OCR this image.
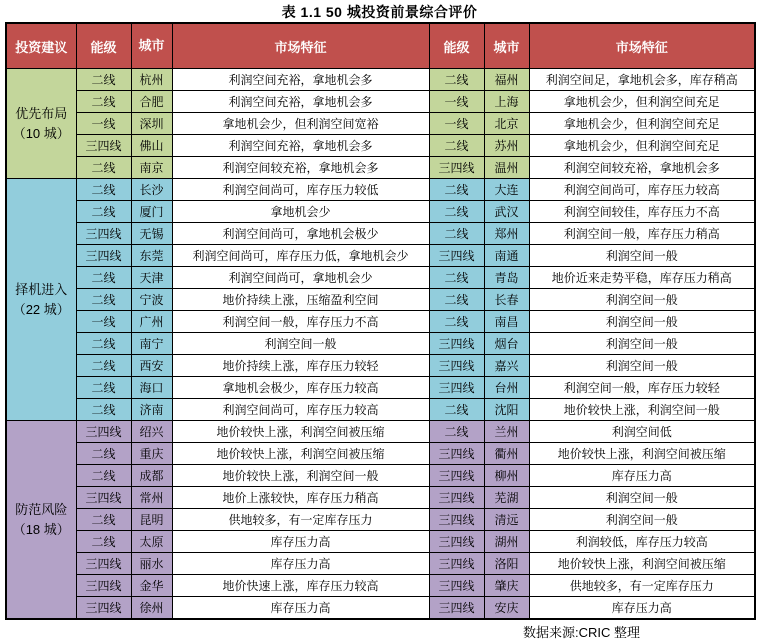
表 1.1 50 城投资前景综合评价
投资建议	能级	城市	市场特征	能级	城市	市场特征

优先布局
（10 城）	二线	杭州	利润空间充裕，拿地机会多	二线	福州	利润空间足，拿地机会多，库存稍高
	二线	合肥	利润空间充裕，拿地机会多	一线	上海	拿地机会少，但利润空间充足
	一线	深圳	拿地机会少，但利润空间宽裕	一线	北京	拿地机会少，但利润空间充足
	三四线	佛山	利润空间充裕，拿地机会多	二线	苏州	拿地机会少，但利润空间充足
	二线	南京	利润空间较充裕，拿地机会多	三四线	温州	利润空间较充裕，拿地机会多

择机进入
（22 城）	二线	长沙	利润空间尚可，库存压力较低	二线	大连	利润空间尚可，库存压力较高
	二线	厦门	拿地机会少	二线	武汉	利润空间较佳，库存压力不高
	三四线	无锡	利润空间尚可，拿地机会极少	二线	郑州	利润空间一般，库存压力稍高
	三四线	东莞	利润空间尚可，库存压力低，拿地机会少	三四线	南通	利润空间一般
	二线	天津	利润空间尚可，拿地机会少	二线	青岛	地价近来走势平稳，库存压力稍高
	二线	宁波	地价持续上涨，压缩盈利空间	二线	长春	利润空间一般
	一线	广州	利润空间一般，库存压力不高	二线	南昌	利润空间一般
	二线	南宁	利润空间一般	三四线	烟台	利润空间一般
	二线	西安	地价持续上涨，库存压力较轻	三四线	嘉兴	利润空间一般
	二线	海口	拿地机会极少，库存压力较高	三四线	台州	利润空间一般，库存压力较轻
	二线	济南	利润空间尚可，库存压力较高	二线	沈阳	地价较快上涨，利润空间一般

防范风险
（18 城）	三四线	绍兴	地价较快上涨，利润空间被压缩	二线	兰州	利润空间低
	二线	重庆	地价较快上涨，利润空间被压缩	三四线	衢州	地价较快上涨，利润空间被压缩
	二线	成都	地价较快上涨，利润空间一般	三四线	柳州	库存压力高
	三四线	常州	地价上涨较快，库存压力稍高	三四线	芜湖	利润空间一般
	二线	昆明	供地较多，有一定库存压力	三四线	清远	利润空间一般
	二线	太原	库存压力高	三四线	湖州	利润较低，库存压力较高
	三四线	丽水	库存压力高	三四线	洛阳	地价较快上涨，利润空间被压缩
	三四线	金华	地价快速上涨，库存压力较高	三四线	肇庆	供地较多，有一定库存压力
	三四线	徐州	库存压力高	三四线	安庆	库存压力高
数据来源:CRIC 整理
